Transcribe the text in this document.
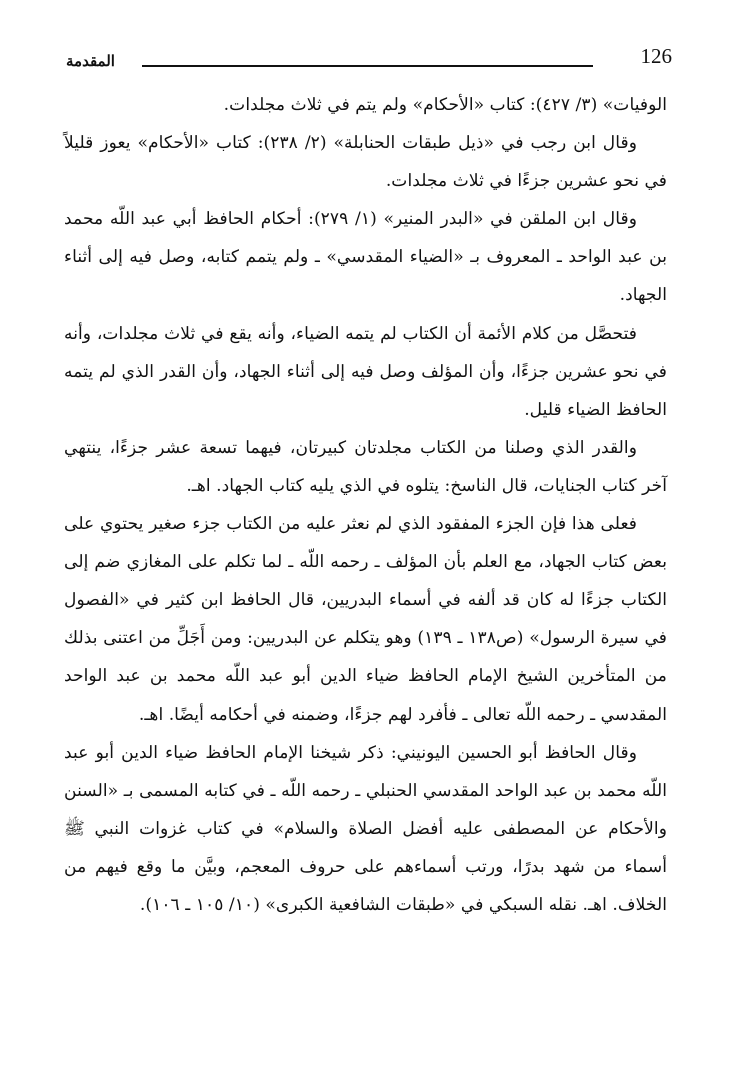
المقدمة	126

الوفيات» (٣/ ٤٢٧): كتاب «الأحكام» ولم يتم في ثلاث مجلدات.

وقال ابن رجب في «ذيل طبقات الحنابلة» (٢/ ٢٣٨): كتاب «الأحكام» يعوز قليلاً في نحو عشرين جزءًا في ثلاث مجلدات.

وقال ابن الملقن في «البدر المنير» (١/ ٢٧٩): أحكام الحافظ أبي عبد اللّه محمد بن عبد الواحد ـ المعروف بـ «الضياء المقدسي» ـ ولم يتمم كتابه، وصل فيه إلى أثناء الجهاد.

فتحصَّل من كلام الأئمة أن الكتاب لم يتمه الضياء، وأنه يقع في ثلاث مجلدات، وأنه في نحو عشرين جزءًا، وأن المؤلف وصل فيه إلى أثناء الجهاد، وأن القدر الذي لم يتمه الحافظ الضياء قليل.

والقدر الذي وصلنا من الكتاب مجلدتان كبيرتان، فيهما تسعة عشر جزءًا، ينتهي آخر كتاب الجنايات، قال الناسخ: يتلوه في الذي يليه كتاب الجهاد. اهـ.

فعلى هذا فإن الجزء المفقود الذي لم نعثر عليه من الكتاب جزء صغير يحتوي على بعض كتاب الجهاد، مع العلم بأن المؤلف ـ رحمه اللّه ـ لما تكلم على المغازي ضم إلى الكتاب جزءًا له كان قد ألفه في أسماء البدريين، قال الحافظ ابن كثير في «الفصول في سيرة الرسول» (ص١٣٨ ـ ١٣٩) وهو يتكلم عن البدريين: ومن أَجَلِّ من اعتنى بذلك من المتأخرين الشيخ الإمام الحافظ ضياء الدين أبو عبد اللّه محمد بن عبد الواحد المقدسي ـ رحمه اللّه تعالى ـ فأفرد لهم جزءًا، وضمنه في أحكامه أيضًا. اهـ.

وقال الحافظ أبو الحسين اليونيني: ذكر شيخنا الإمام الحافظ ضياء الدين أبو عبد اللّه محمد بن عبد الواحد المقدسي الحنبلي ـ رحمه اللّه ـ في كتابه المسمى بـ «السنن والأحكام عن المصطفى عليه أفضل الصلاة والسلام» في كتاب غزوات النبي ﷺ أسماء من شهد بدرًا، ورتب أسماءهم على حروف المعجم، وبيَّن ما وقع فيهم من الخلاف. اهـ. نقله السبكي في «طبقات الشافعية الكبرى» (١٠/ ١٠٥ ـ ١٠٦).
